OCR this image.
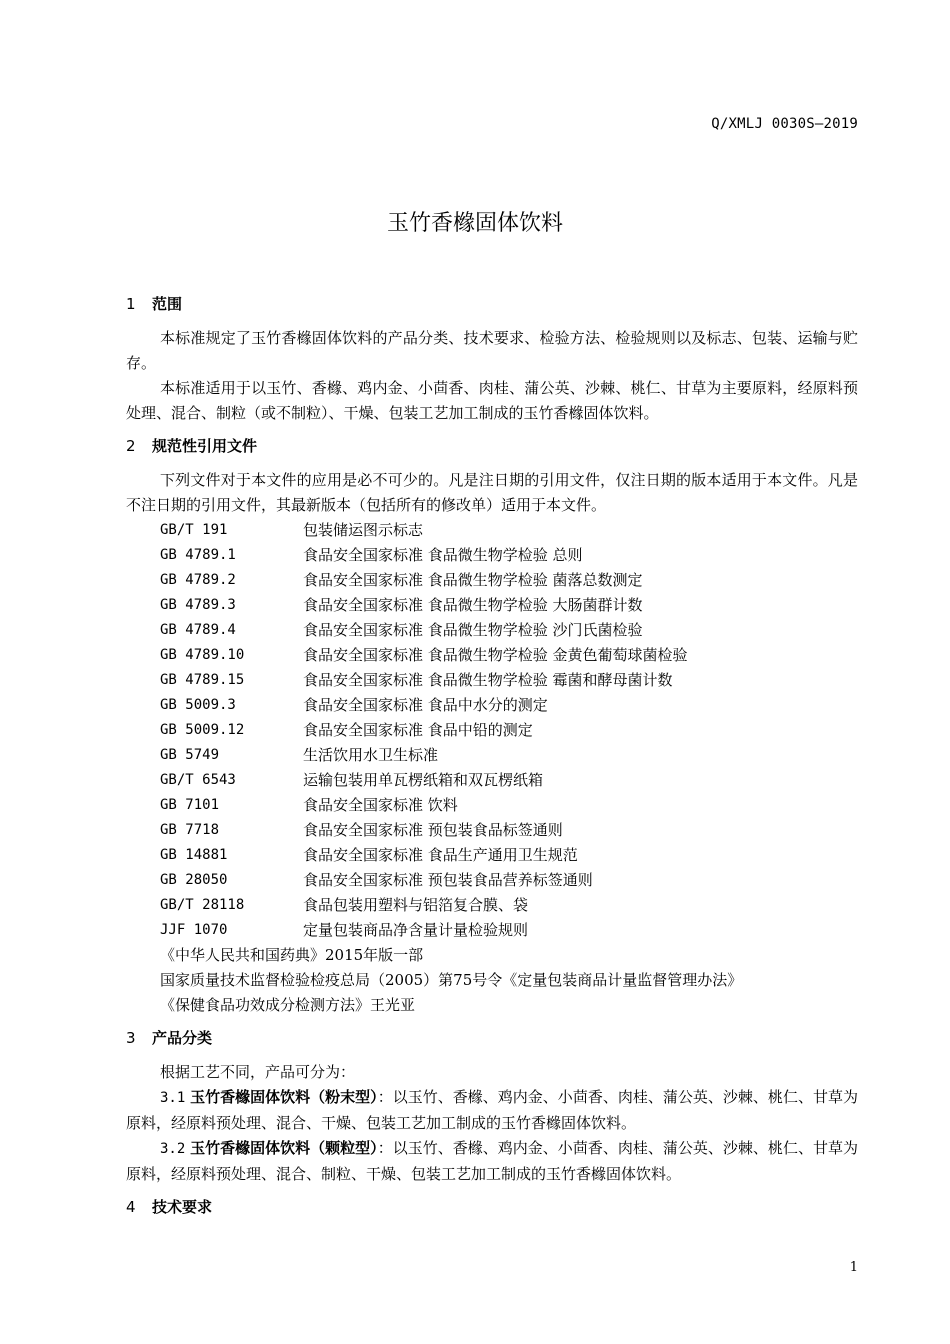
Q/XMLJ 0030S—2019
玉竹香橼固体饮料
1 范围

本标准规定了玉竹香橼固体饮料的产品分类、技术要求、检验方法、检验规则以及标志、包装、运输与贮存。

本标准适用于以玉竹、香橼、鸡内金、小茴香、肉桂、蒲公英、沙棘、桃仁、甘草为主要原料，经原料预处理、混合、制粒（或不制粒）、干燥、包装工艺加工制成的玉竹香橼固体饮料。

2 规范性引用文件

下列文件对于本文件的应用是必不可少的。凡是注日期的引用文件，仅注日期的版本适用于本文件。凡是不注日期的引用文件，其最新版本（包括所有的修改单）适用于本文件。

GB/T 191	包装储运图示标志
GB 4789.1	食品安全国家标准 食品微生物学检验 总则
GB 4789.2	食品安全国家标准 食品微生物学检验 菌落总数测定
GB 4789.3	食品安全国家标准 食品微生物学检验 大肠菌群计数
GB 4789.4	食品安全国家标准 食品微生物学检验 沙门氏菌检验
GB 4789.10	食品安全国家标准 食品微生物学检验 金黄色葡萄球菌检验
GB 4789.15	食品安全国家标准 食品微生物学检验 霉菌和酵母菌计数
GB 5009.3	食品安全国家标准 食品中水分的测定
GB 5009.12	食品安全国家标准 食品中铅的测定
GB 5749	生活饮用水卫生标准
GB/T 6543	运输包装用单瓦楞纸箱和双瓦楞纸箱
GB 7101	食品安全国家标准 饮料
GB 7718	食品安全国家标准 预包装食品标签通则
GB 14881	食品安全国家标准 食品生产通用卫生规范
GB 28050	食品安全国家标准 预包装食品营养标签通则
GB/T 28118	食品包装用塑料与铝箔复合膜、袋
JJF 1070	定量包装商品净含量计量检验规则
《中华人民共和国药典》2015年版一部
国家质量技术监督检验检疫总局（2005）第75号令《定量包装商品计量监督管理办法》
《保健食品功效成分检测方法》王光亚
3 产品分类

根据工艺不同，产品可分为：

3.1 玉竹香橼固体饮料（粉末型）：以玉竹、香橼、鸡内金、小茴香、肉桂、蒲公英、沙棘、桃仁、甘草为原料，经原料预处理、混合、干燥、包装工艺加工制成的玉竹香橼固体饮料。

3.2 玉竹香橼固体饮料（颗粒型）：以玉竹、香橼、鸡内金、小茴香、肉桂、蒲公英、沙棘、桃仁、甘草为原料，经原料预处理、混合、制粒、干燥、包装工艺加工制成的玉竹香橼固体饮料。

4 技术要求
1
